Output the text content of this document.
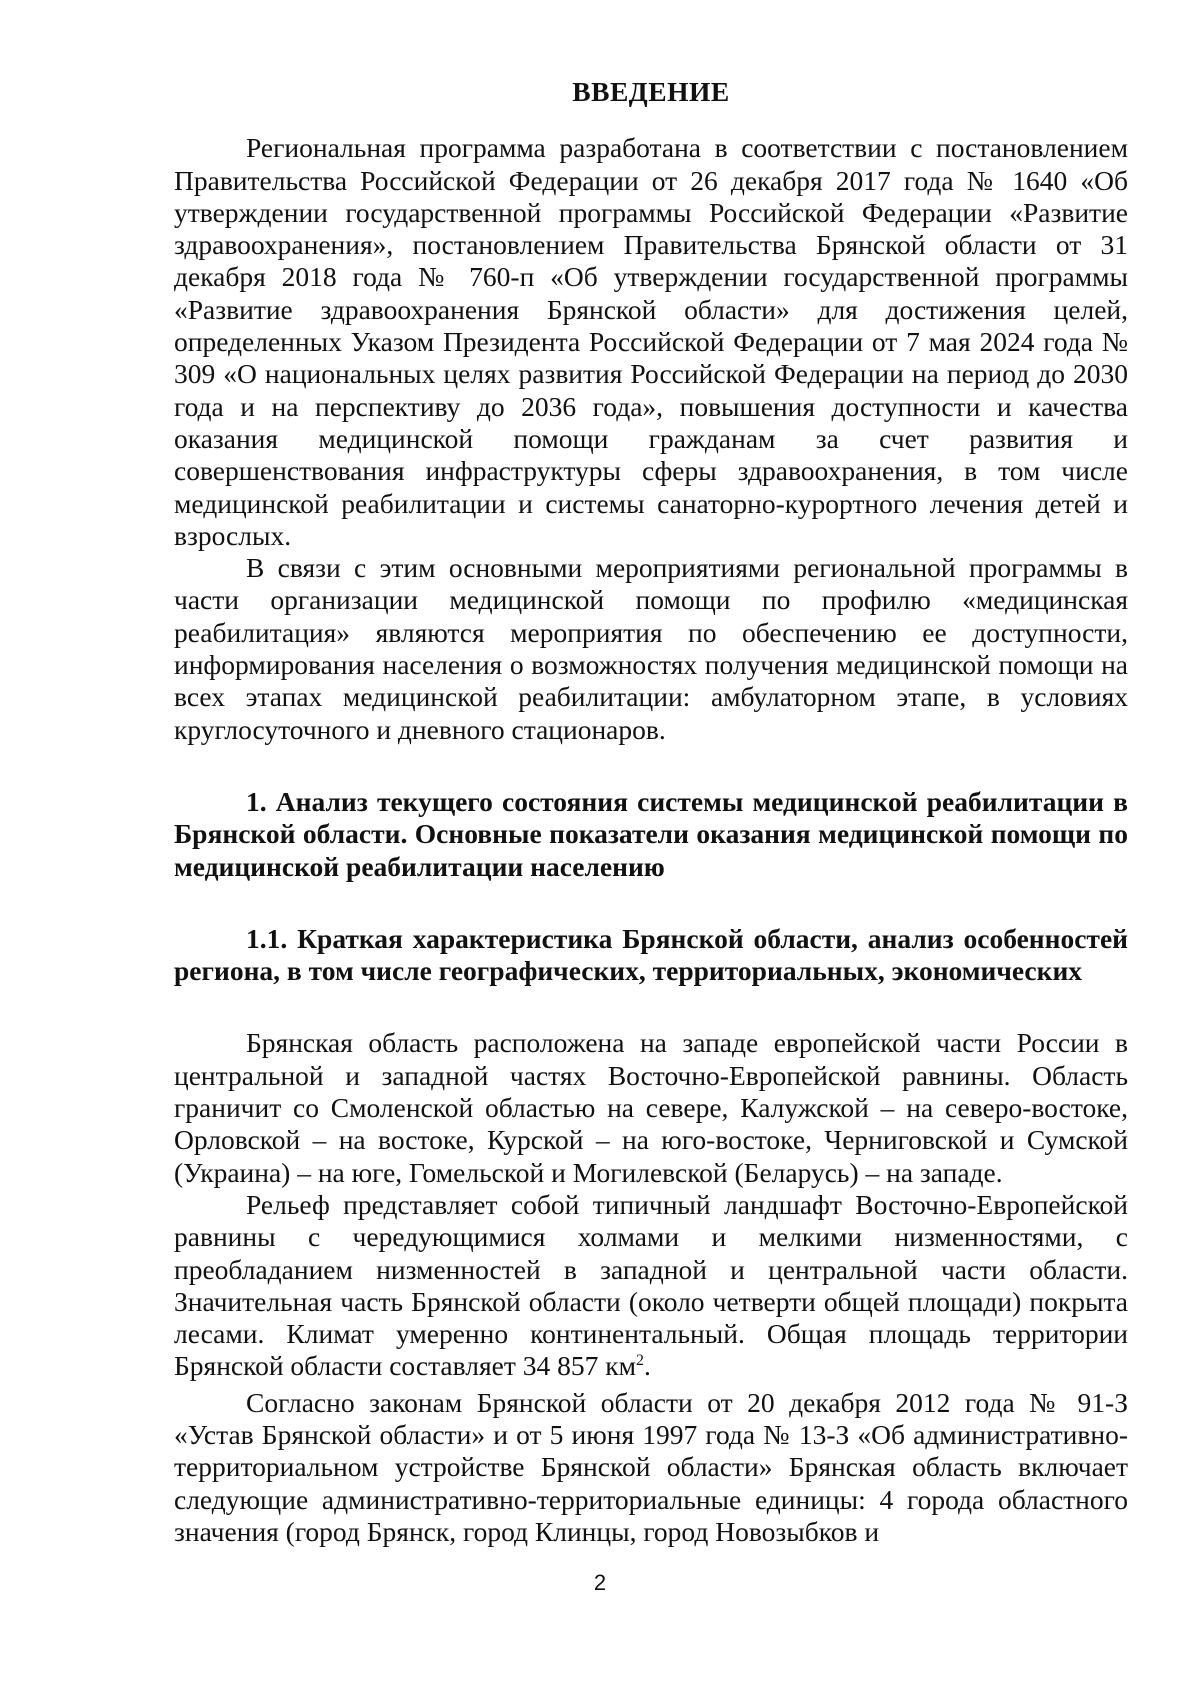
ВВЕДЕНИЕ

Региональная программа разработана в соответствии с постановлением Правительства Российской Федерации от 26 декабря 2017 года № 1640 «Об утверждении государственной программы Российской Федерации «Развитие здравоохранения», постановлением Правительства Брянской области от 31 декабря 2018 года № 760-п «Об утверждении государственной программы «Развитие здравоохранения Брянской области» для достижения целей, определенных Указом Президента Российской Федерации от 7 мая 2024 года № 309 «О национальных целях развития Российской Федерации на период до 2030 года и на перспективу до 2036 года», повышения доступности и качества оказания медицинской помощи гражданам за счет развития и совершенствования инфраструктуры сферы здравоохранения, в том числе медицинской реабилитации и системы санаторно-курортного лечения детей и взрослых.

В связи с этим основными мероприятиями региональной программы в части организации медицинской помощи по профилю «медицинская реабилитация» являются мероприятия по обеспечению ее доступности, информирования населения о возможностях получения медицинской помощи на всех этапах медицинской реабилитации: амбулаторном этапе, в условиях круглосуточного и дневного стационаров.

1. Анализ текущего состояния системы медицинской реабилитации в Брянской области. Основные показатели оказания медицинской помощи по медицинской реабилитации населению
1.1. Краткая характеристика Брянской области, анализ особенностей региона, в том числе географических, территориальных, экономических

Брянская область расположена на западе европейской части России в центральной и западной частях Восточно-Европейской равнины. Область граничит со Смоленской областью на севере, Калужской – на северо-востоке, Орловской – на востоке, Курской – на юго-востоке, Черниговской и Сумской (Украина) – на юге, Гомельской и Могилевской (Беларусь) – на западе.

Рельеф представляет собой типичный ландшафт Восточно-Европейской равнины с чередующимися холмами и мелкими низменностями, с преобладанием низменностей в западной и центральной части области. Значительная часть Брянской области (около четверти общей площади) покрыта лесами. Климат умеренно континентальный. Общая площадь территории Брянской области составляет 34 857 $км^2$.

Согласно законам Брянской области от 20 декабря 2012 года № 91-З «Устав Брянской области» и от 5 июня 1997 года № 13-З «Об административно-территориальном устройстве Брянской области» Брянская область включает следующие административно-территориальные единицы: 4 города областного значения (город Брянск, город Клинцы, город Новозыбков и

2
